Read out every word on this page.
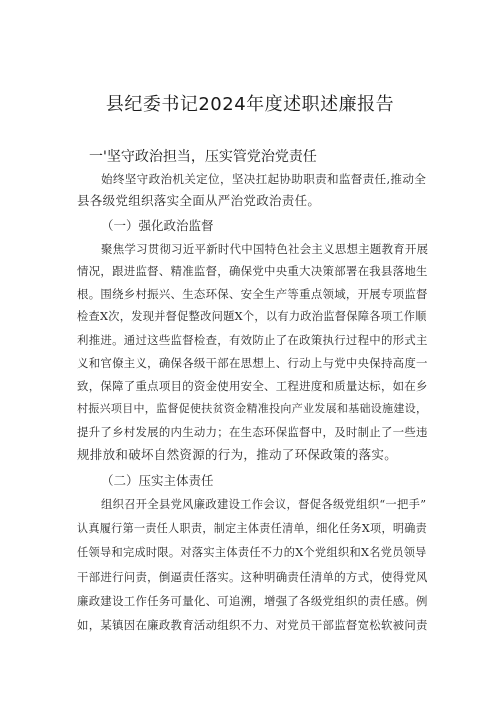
县纪委书记2024年度述职述廉报告
一'坚守政治担当，压实管党治党责任
始终坚守政治机关定位，坚决扛起协助职责和监督责任,推动全
县各级党组织落实全面从严治党政治责任。
（一）强化政治监督
聚焦学习贯彻习近平新时代中国特色社会主义思想主题教育开展
情况，跟进监督、精准监督，确保党中央重大决策部署在我县落地生
根。围绕乡村振兴、生态环保、安全生产等重点领域，开展专项监督
检查X次，发现并督促整改问题X个，以有力政治监督保障各项工作顺
利推进。通过这些监督检查，有效防止了在政策执行过程中的形式主
义和官僚主义，确保各级干部在思想上、行动上与党中央保持高度一
致，保障了重点项目的资金使用安全、工程进度和质量达标，如在乡
村振兴项目中，监督促使扶贫资金精准投向产业发展和基础设施建设，
提升了乡村发展的内生动力；在生态环保监督中，及时制止了一些违
规排放和破坏自然资源的行为，推动了环保政策的落实。
（二）压实主体责任
组织召开全县党风廉政建设工作会议，督促各级党组织“一把手”
认真履行第一责任人职责，制定主体责任清单，细化任务X项，明确责
任领导和完成时限。对落实主体责任不力的X个党组织和X名党员领导
干部进行问责，倒逼责任落实。这种明确责任清单的方式，使得党风
廉政建设工作任务可量化、可追溯，增强了各级党组织的责任感。例
如，某镇因在廉政教育活动组织不力、对党员干部监督宽松软被问责
